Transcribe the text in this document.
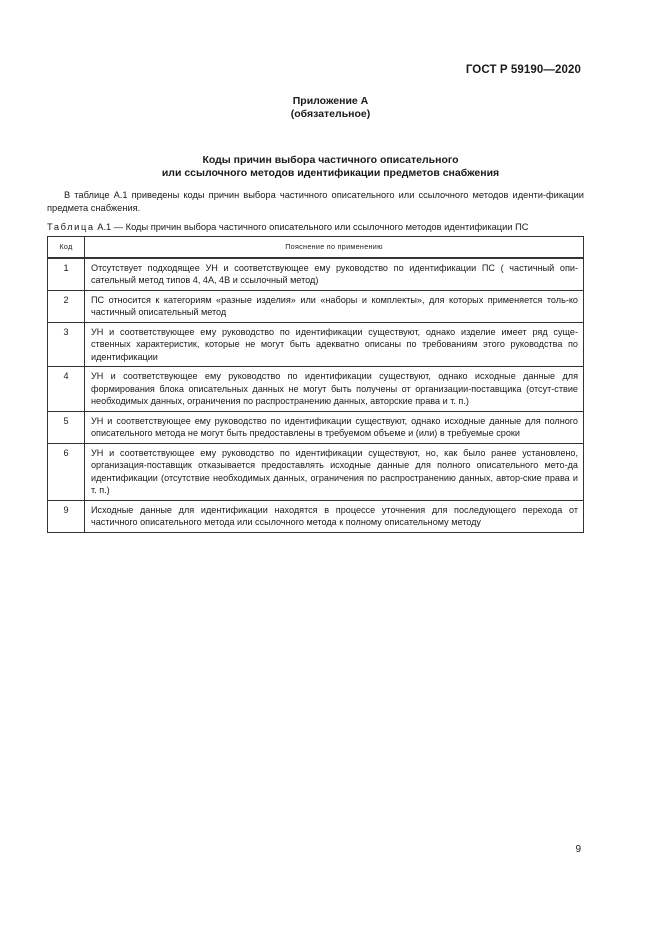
ГОСТ Р 59190—2020
Приложение А
(обязательное)
Коды причин выбора частичного описательного
или ссылочного методов идентификации предметов снабжения
В таблице А.1 приведены коды причин выбора частичного описательного или ссылочного методов иденти-фикации предмета снабжения.
Таблица А.1 — Коды причин выбора частичного описательного или ссылочного методов идентификации ПС
Код	Пояснение по применению
1	Отсутствует подходящее УН и соответствующее ему руководство по идентификации ПС ( частичный опи-сательный метод типов 4, 4А, 4В и ссылочный метод)
2	ПС относится к категориям «разные изделия» или «наборы и комплекты», для которых применяется толь-ко частичный описательный метод
3	УН и соответствующее ему руководство по идентификации существуют, однако изделие имеет ряд суще-ственных характеристик, которые не могут быть адекватно описаны по требованиям этого руководства по идентификации
4	УН и соответствующее ему руководство по идентификации существуют, однако исходные данные для формирования блока описательных данных не могут быть получены от организации-поставщика (отсут-ствие необходимых данных, ограничения по распространению данных, авторские права и т. п.)
5	УН и соответствующее ему руководство по идентификации существуют, однако исходные данные для полного описательного метода не могут быть предоставлены в требуемом объеме и (или) в требуемые сроки
6	УН и соответствующее ему руководство по идентификации существуют, но, как было ранее установлено, организация-поставщик отказывается предоставлять исходные данные для полного описательного мето-да идентификации (отсутствие необходимых данных, ограничения по распространению данных, автор-ские права и т. п.)
9	Исходные данные для идентификации находятся в процессе уточнения для последующего перехода от частичного описательного метода или ссылочного метода к полному описательному методу
9
